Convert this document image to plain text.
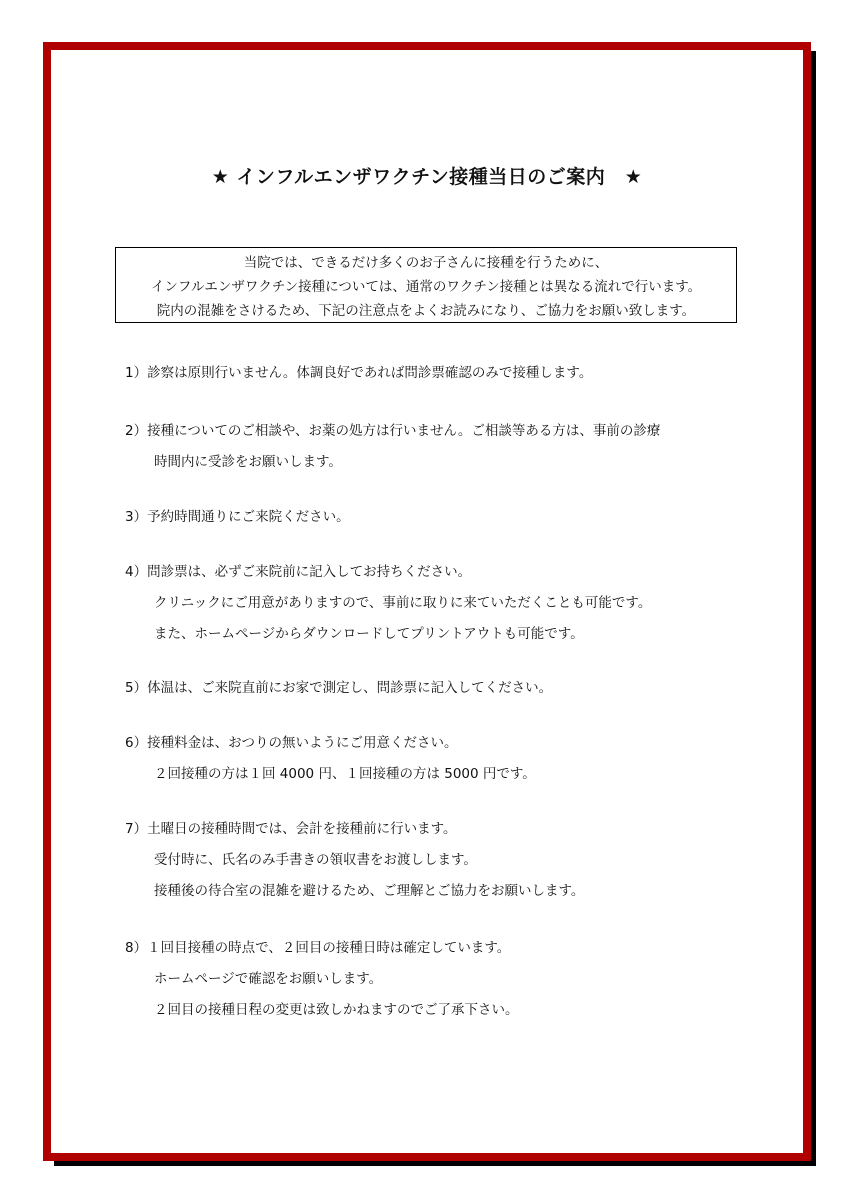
★ インフルエンザワクチン接種当日のご案内　★
当院では、できるだけ多くのお子さんに接種を行うために、
インフルエンザワクチン接種については、通常のワクチン接種とは異なる流れで行います。
院内の混雑をさけるため、下記の注意点をよくお読みになり、ご協力をお願い致します。
1）診察は原則行いません。体調良好であれば問診票確認のみで接種します。
2）接種についてのご相談や、お薬の処方は行いません。ご相談等ある方は、事前の診療
時間内に受診をお願いします。
3）予約時間通りにご来院ください。
4）問診票は、必ずご来院前に記入してお持ちください。
クリニックにご用意がありますので、事前に取りに来ていただくことも可能です。
また、ホームページからダウンロードしてプリントアウトも可能です。
5）体温は、ご来院直前にお家で測定し、問診票に記入してください。
6）接種料金は、おつりの無いようにご用意ください。
２回接種の方は１回 4000 円、１回接種の方は 5000 円です。
7）土曜日の接種時間では、会計を接種前に行います。
受付時に、氏名のみ手書きの領収書をお渡しします。
接種後の待合室の混雑を避けるため、ご理解とご協力をお願いします。
8）１回目接種の時点で、２回目の接種日時は確定しています。
ホームページで確認をお願いします。
２回目の接種日程の変更は致しかねますのでご了承下さい。
